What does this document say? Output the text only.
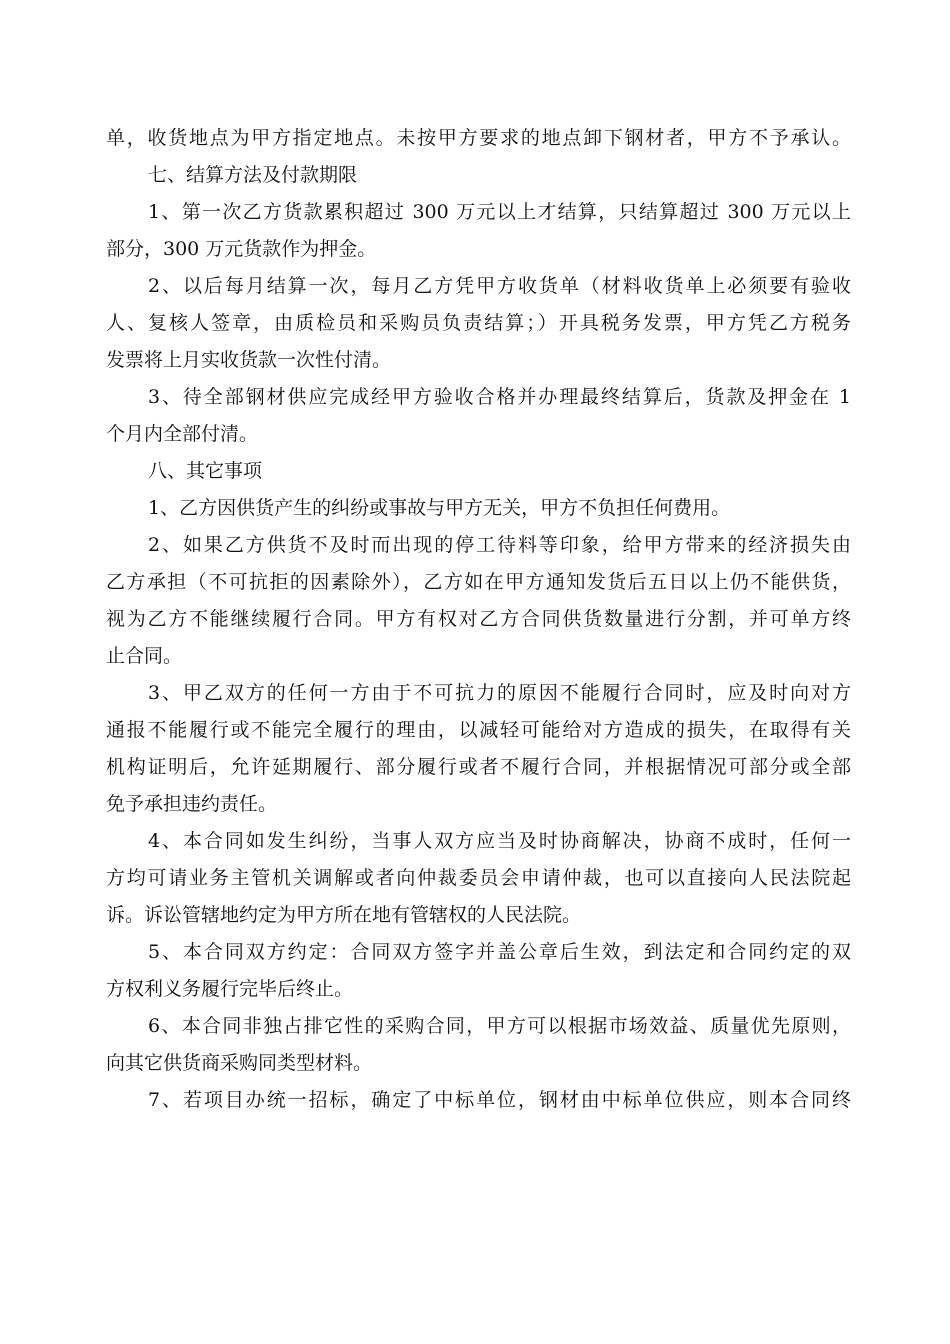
单，收货地点为甲方指定地点。未按甲方要求的地点卸下钢材者，甲方不予承认。
七、结算方法及付款期限
1、第一次乙方货款累积超过 300 万元以上才结算，只结算超过 300 万元以上
部分，300 万元货款作为押金。
2、以后每月结算一次，每月乙方凭甲方收货单（材料收货单上必须要有验收
人、复核人签章，由质检员和采购员负责结算；）开具税务发票，甲方凭乙方税务
发票将上月实收货款一次性付清。
3、待全部钢材供应完成经甲方验收合格并办理最终结算后，货款及押金在 1
个月内全部付清。
八、其它事项
1、乙方因供货产生的纠纷或事故与甲方无关，甲方不负担任何费用。
2、如果乙方供货不及时而出现的停工待料等印象，给甲方带来的经济损失由
乙方承担（不可抗拒的因素除外），乙方如在甲方通知发货后五日以上仍不能供货，
视为乙方不能继续履行合同。甲方有权对乙方合同供货数量进行分割，并可单方终
止合同。
3、甲乙双方的任何一方由于不可抗力的原因不能履行合同时，应及时向对方
通报不能履行或不能完全履行的理由，以减轻可能给对方造成的损失，在取得有关
机构证明后，允许延期履行、部分履行或者不履行合同，并根据情况可部分或全部
免予承担违约责任。
4、本合同如发生纠纷，当事人双方应当及时协商解决，协商不成时，任何一
方均可请业务主管机关调解或者向仲裁委员会申请仲裁，也可以直接向人民法院起
诉。诉讼管辖地约定为甲方所在地有管辖权的人民法院。
5、本合同双方约定：合同双方签字并盖公章后生效，到法定和合同约定的双
方权利义务履行完毕后终止。
6、本合同非独占排它性的采购合同，甲方可以根据市场效益、质量优先原则，
向其它供货商采购同类型材料。
7、若项目办统一招标，确定了中标单位，钢材由中标单位供应，则本合同终
